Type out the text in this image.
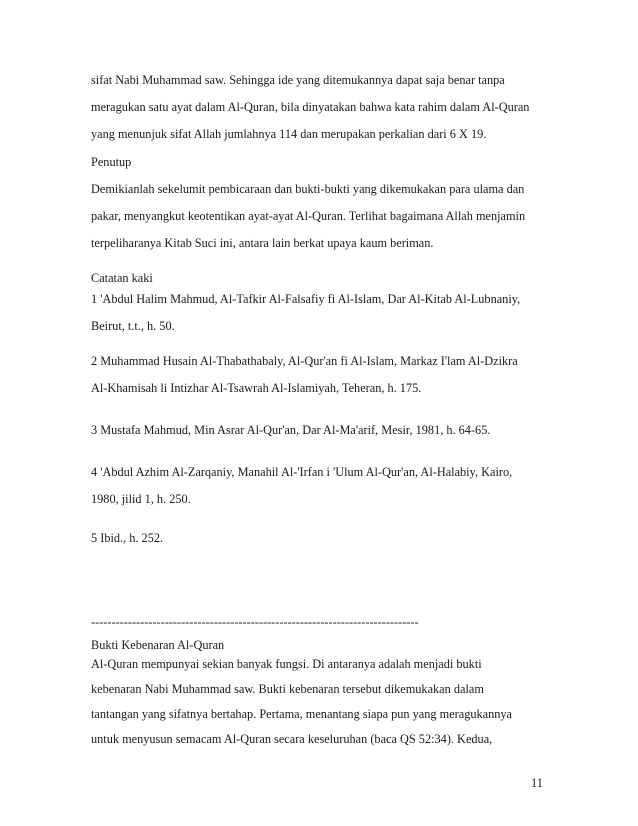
sifat Nabi Muhammad saw. Sehingga ide yang ditemukannya dapat saja benar tanpa
meragukan satu ayat dalam Al-Quran, bila dinyatakan bahwa kata rahim dalam Al-Quran
yang menunjuk sifat Allah jumlahnya 114 dan merupakan perkalian dari 6 X 19.
Penutup
Demikianlah sekelumit pembicaraan dan bukti-bukti yang dikemukakan para ulama dan
pakar, menyangkut keotentikan ayat-ayat Al-Quran. Terlihat bagaimana Allah menjamin
terpeliharanya Kitab Suci ini, antara lain berkat upaya kaum beriman.
Catatan kaki
1 'Abdul Halim Mahmud, Al-Tafkir Al-Falsafiy fi Al-Islam, Dar Al-Kitab Al-Lubnaniy,
Beirut, t.t., h. 50.
2 Muhammad Husain Al-Thabathabaly, Al-Qur'an fi Al-Islam, Markaz I'lam Al-Dzikra
Al-Khamisah li Intizhar Al-Tsawrah Al-Islamiyah, Teheran, h. 175.
3 Mustafa Mahmud, Min Asrar Al-Qur'an, Dar Al-Ma'arif, Mesir, 1981, h. 64-65.
4 'Abdul Azhim Al-Zarqaniy, Manahil Al-'Irfan i 'Ulum Al-Qur'an, Al-Halabiy, Kairo,
1980, jilid 1, h. 250.
5 Ibid., h. 252.
--------------------------------------------------------------------------------
Bukti Kebenaran Al-Quran
Al-Quran mempunyai sekian banyak fungsi. Di antaranya adalah menjadi bukti
kebenaran Nabi Muhammad saw. Bukti kebenaran tersebut dikemukakan dalam
tantangan yang sifatnya bertahap. Pertama, menantang siapa pun yang meragukannya
untuk menyusun semacam Al-Quran secara keseluruhan (baca QS 52:34). Kedua,
11
